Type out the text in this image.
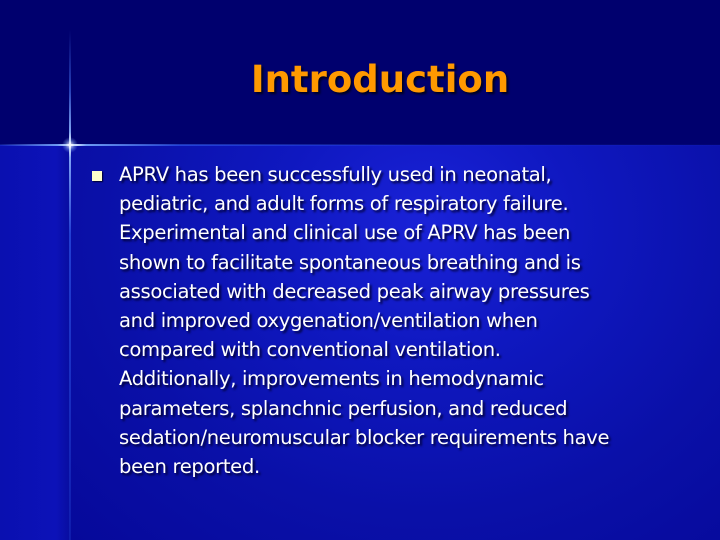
Introduction
APRV has been successfully used in neonatal,
pediatric, and adult forms of respiratory failure.
Experimental and clinical use of APRV has been
shown to facilitate spontaneous breathing and is
associated with decreased peak airway pressures
and improved oxygenation/ventilation when
compared with conventional ventilation.
Additionally, improvements in hemodynamic
parameters, splanchnic perfusion, and reduced
sedation/neuromuscular blocker requirements have
been reported.
